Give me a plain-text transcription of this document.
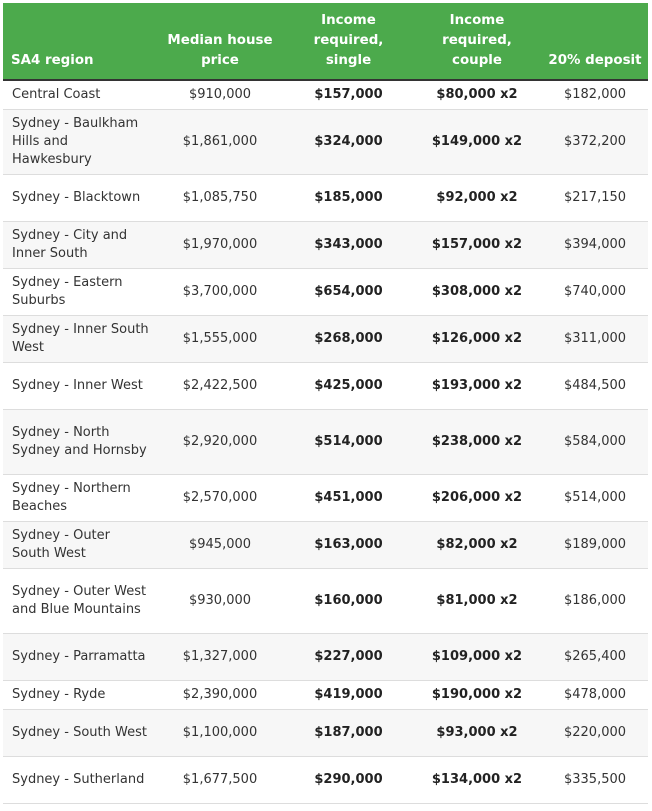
SA4 region	Median house price	Income required, single	Income required, couple	20% deposit
Central Coast	$910,000	$157,000	$80,000 x2	$182,000
Sydney - Baulkham Hills and Hawkesbury	$1,861,000	$324,000	$149,000 x2	$372,200
Sydney - Blacktown	$1,085,750	$185,000	$92,000 x2	$217,150
Sydney - City and Inner South	$1,970,000	$343,000	$157,000 x2	$394,000
Sydney - Eastern Suburbs	$3,700,000	$654,000	$308,000 x2	$740,000
Sydney - Inner South West	$1,555,000	$268,000	$126,000 x2	$311,000
Sydney - Inner West	$2,422,500	$425,000	$193,000 x2	$484,500
Sydney - North Sydney and Hornsby	$2,920,000	$514,000	$238,000 x2	$584,000
Sydney - Northern Beaches	$2,570,000	$451,000	$206,000 x2	$514,000
Sydney - Outer South West	$945,000	$163,000	$82,000 x2	$189,000
Sydney - Outer West and Blue Mountains	$930,000	$160,000	$81,000 x2	$186,000
Sydney - Parramatta	$1,327,000	$227,000	$109,000 x2	$265,400
Sydney - Ryde	$2,390,000	$419,000	$190,000 x2	$478,000
Sydney - South West	$1,100,000	$187,000	$93,000 x2	$220,000
Sydney - Sutherland	$1,677,500	$290,000	$134,000 x2	$335,500
